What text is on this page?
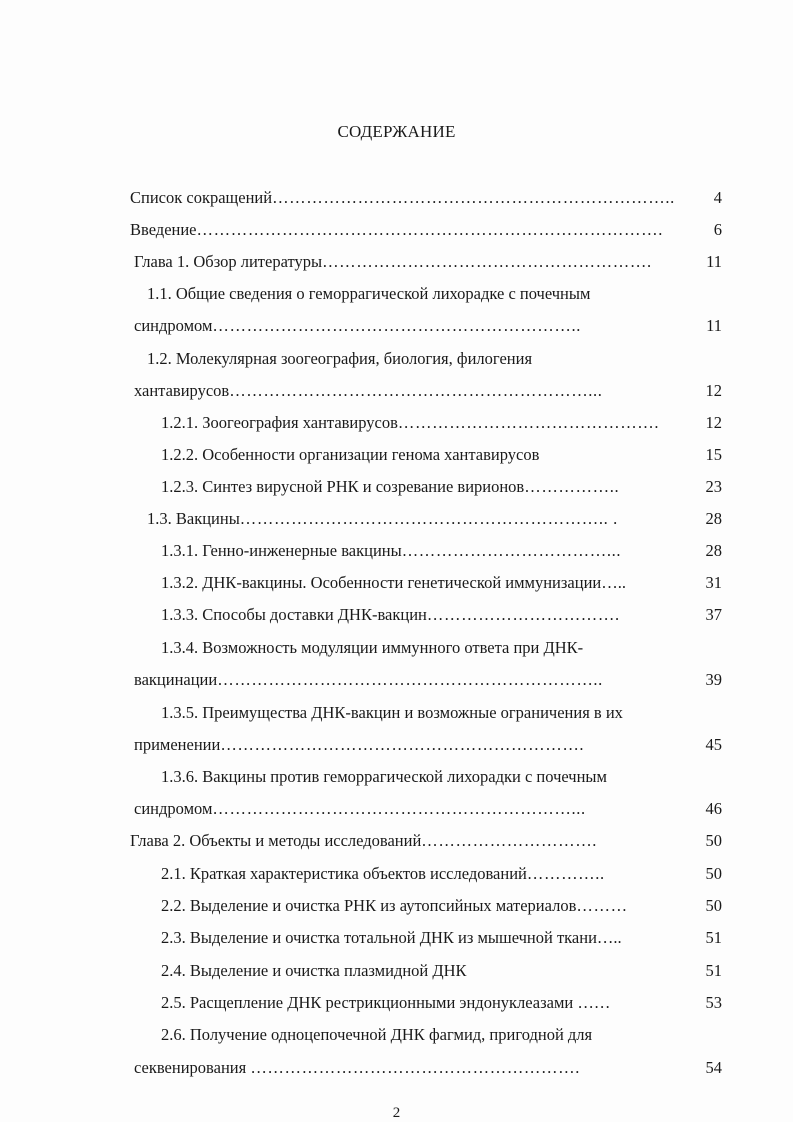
СОДЕРЖАНИЕ
2
Список сокращений……………………………………………………………..	4
Введение……………………………………………………………………….	6
Глава 1. Обзор литературы………………………………………………….	11
1.1. Общие сведения о геморрагической лихорадке с почечным
синдромом………………………………………………………..	11
1.2. Молекулярная зоогеография, биология, филогения
хантавирусов………………………………………………………...	12
1.2.1. Зоогеография хантавирусов……………………………………….	12
1.2.2. Особенности организации генома хантавирусов	15
1.2.3. Синтез вирусной РНК и созревание вирионов……………..	23
1.3. Вакцины……………………………………………………….. .	28
1.3.1. Генно-инженерные вакцины………………………………...	28
1.3.2. ДНК-вакцины. Особенности генетической иммунизации…..	31
1.3.3. Способы доставки ДНК-вакцин…………………………….	37
1.3.4. Возможность модуляции иммунного ответа при ДНК-
вакцинации…………………………………………………………..	39
1.3.5. Преимущества ДНК-вакцин и возможные ограничения в их
применении……………………………………………………….	45
1.3.6. Вакцины против геморрагической лихорадки с почечным
синдромом………………………………………………………...	46
Глава 2. Объекты и методы исследований………………………….	50
2.1. Краткая характеристика объектов исследований…………..	50
2.2. Выделение и очистка РНК из аутопсийных материалов………	50
2.3. Выделение и очистка тотальной ДНК из мышечной ткани…..	51
2.4. Выделение и очистка плазмидной ДНК	51
2.5. Расщепление ДНК рестрикционными эндонуклеазами ……	53
2.6. Получение одноцепочечной ДНК фагмид, пригодной для
секвенирования ………………………………………………….	54
